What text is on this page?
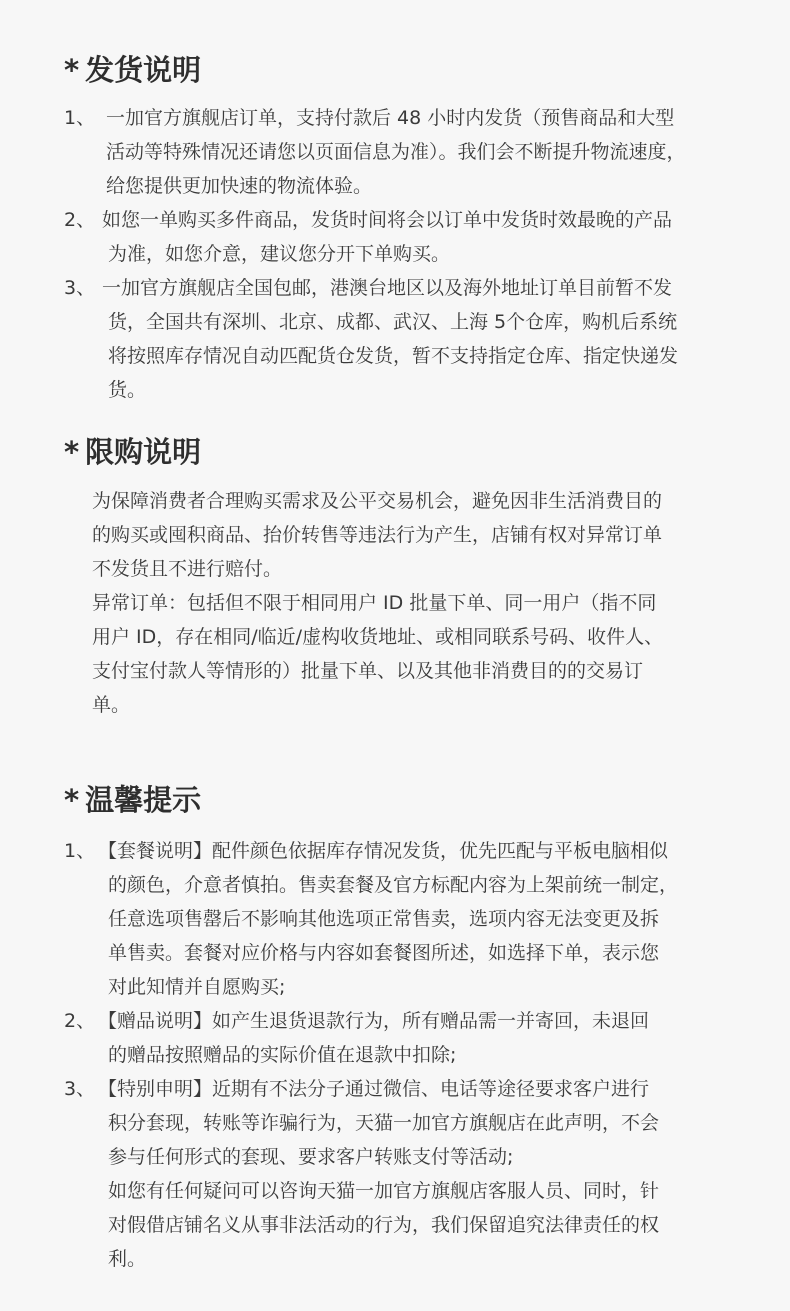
* 发货说明
1、 一加官方旗舰店订单，支持付款后 48 小时内发货（预售商品和大型
活动等特殊情况还请您以页面信息为准）。我们会不断提升物流速度，
给您提供更加快速的物流体验。
2、 如您一单购买多件商品，发货时间将会以订单中发货时效最晚的产品
为准，如您介意，建议您分开下单购买。
3、 一加官方旗舰店全国包邮，港澳台地区以及海外地址订单目前暂不发
货，全国共有深圳、北京、成都、武汉、上海 5个仓库，购机后系统
将按照库存情况自动匹配货仓发货，暂不支持指定仓库、指定快递发
货。
* 限购说明
为保障消费者合理购买需求及公平交易机会，避免因非生活消费目的
的购买或囤积商品、抬价转售等违法行为产生，店铺有权对异常订单
不发货且不进行赔付。
异常订单：包括但不限于相同用户 ID 批量下单、同一用户（指不同
用户 ID，存在相同/临近/虚构收货地址、或相同联系号码、收件人、
支付宝付款人等情形的）批量下单、以及其他非消费目的的交易订
单。
* 温馨提示
1、 【套餐说明】配件颜色依据库存情况发货，优先匹配与平板电脑相似
的颜色，介意者慎拍。售卖套餐及官方标配内容为上架前统一制定，
任意选项售罄后不影响其他选项正常售卖，选项内容无法变更及拆
单售卖。套餐对应价格与内容如套餐图所述，如选择下单，表示您
对此知情并自愿购买;
2、 【赠品说明】如产生退货退款行为，所有赠品需一并寄回，未退回
的赠品按照赠品的实际价值在退款中扣除;
3、 【特别申明】近期有不法分子通过微信、电话等途径要求客户进行
积分套现，转账等诈骗行为，天猫一加官方旗舰店在此声明，不会
参与任何形式的套现、要求客户转账支付等活动;
如您有任何疑问可以咨询天猫一加官方旗舰店客服人员、同时，针
对假借店铺名义从事非法活动的行为，我们保留追究法律责任的权
利。
